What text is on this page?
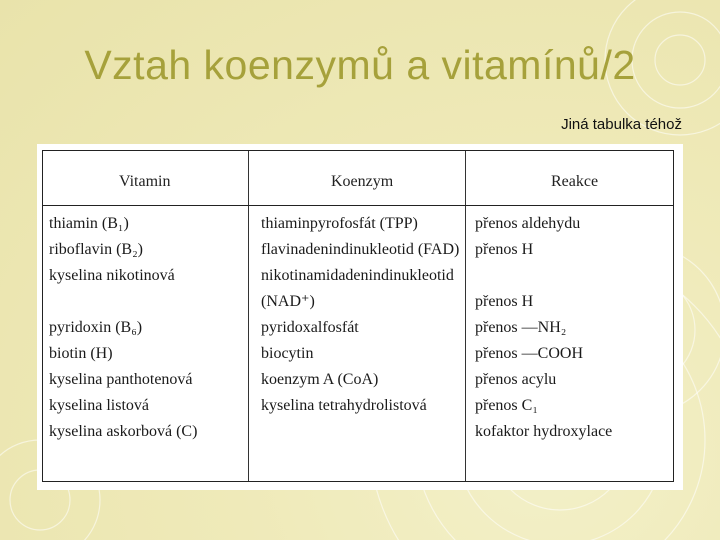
Vztah koenzymů a vitamínů/2
Jiná tabulka téhož
Vitamin	Koenzym	Reakce
thiamin (B₁)
riboflavin (B₂)
kyselina nikotinová
pyridoxin (B₆)
biotin (H)
kyselina panthotenová
kyselina listová
kyselina askorbová (C)
thiaminpyrofosfát (TPP)
flavinadenindinukleotid (FAD)
nikotinamidadenindinukleotid
(NAD⁺)
pyridoxalfosfát
biocytin
koenzym A (CoA)
kyselina tetrahydrolistová
přenos aldehydu
přenos H
přenos H
přenos —NH₂
přenos —COOH
přenos acylu
přenos C₁
kofaktor hydroxylace
